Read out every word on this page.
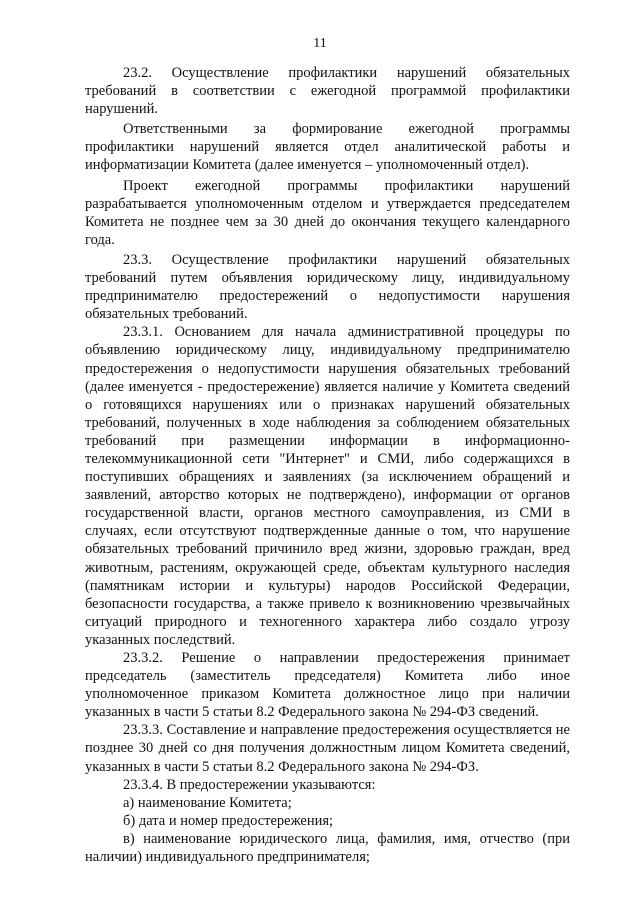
11

23.2. Осуществление профилактики нарушений обязательных требований в соответствии с ежегодной программой профилактики нарушений.

Ответственными за формирование ежегодной программы профилактики нарушений является отдел аналитической работы и информатизации Комитета (далее именуется – уполномоченный отдел).

Проект ежегодной программы профилактики нарушений разрабатывается уполномоченным отделом и утверждается председателем Комитета не позднее чем за 30 дней до окончания текущего календарного года.

23.3. Осуществление профилактики нарушений обязательных требований путем объявления юридическому лицу, индивидуальному предпринимателю предостережений о недопустимости нарушения обязательных требований.

23.3.1. Основанием для начала административной процедуры по объявлению юридическому лицу, индивидуальному предпринимателю предостережения о недопустимости нарушения обязательных требований (далее именуется - предостережение) является наличие у Комитета сведений о готовящихся нарушениях или о признаках нарушений обязательных требований, полученных в ходе наблюдения за соблюдением обязательных требований при размещении информации в информационно-телекоммуникационной сети "Интернет" и СМИ, либо содержащихся в поступивших обращениях и заявлениях (за исключением обращений и заявлений, авторство которых не подтверждено), информации от органов государственной власти, органов местного самоуправления, из СМИ в случаях, если отсутствуют подтвержденные данные о том, что нарушение обязательных требований причинило вред жизни, здоровью граждан, вред животным, растениям, окружающей среде, объектам культурного наследия (памятникам истории и культуры) народов Российской Федерации, безопасности государства, а также привело к возникновению чрезвычайных ситуаций природного и техногенного характера либо создало угрозу указанных последствий.

23.3.2. Решение о направлении предостережения принимает председатель (заместитель председателя) Комитета либо иное уполномоченное приказом Комитета должностное лицо при наличии указанных в части 5 статьи 8.2 Федерального закона № 294-ФЗ сведений.

23.3.3. Составление и направление предостережения осуществляется не позднее 30 дней со дня получения должностным лицом Комитета сведений, указанных в части 5 статьи 8.2 Федерального закона № 294-ФЗ.

23.3.4. В предостережении указываются:

а) наименование Комитета;

б) дата и номер предостережения;

в) наименование юридического лица, фамилия, имя, отчество (при наличии) индивидуального предпринимателя;
